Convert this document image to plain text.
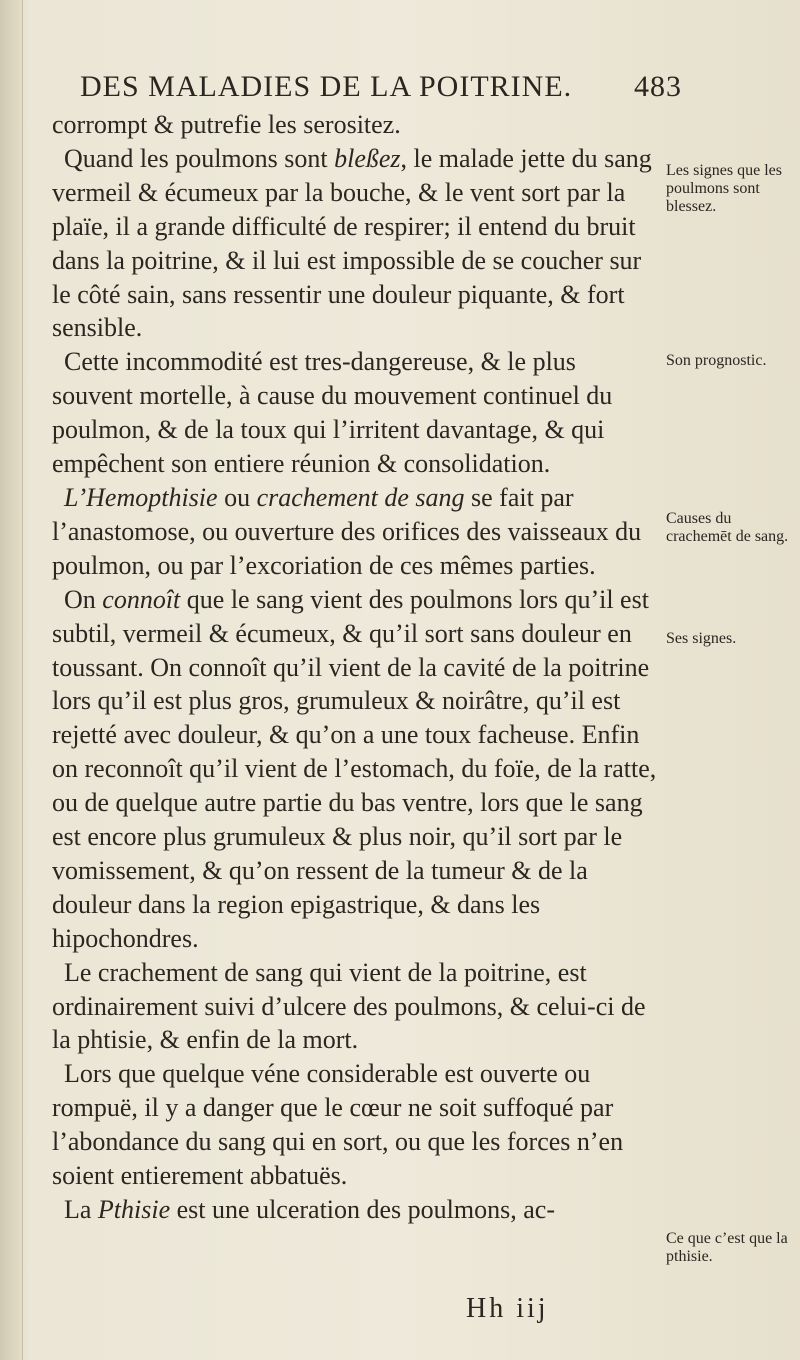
DES MALADIES DE LA POITRINE. 483

corrompt & putrefie les serositez.

Quand les poulmons sont bleßez, le malade jette du sang vermeil & écumeux par la bouche, & le vent sort par la plaïe, il a grande difficulté de respirer; il entend du bruit dans la poitrine, & il lui est impossible de se coucher sur le côté sain, sans ressentir une douleur piquante, & fort sensible.

Cette incommodité est tres-dangereuse, & le plus souvent mortelle, à cause du mouvement continuel du poulmon, & de la toux qui l’irritent davantage, & qui empêchent son entiere réunion & consolidation.

L’Hemopthisie ou crachement de sang se fait par l’anastomose, ou ouverture des orifices des vaisseaux du poulmon, ou par l’excoriation de ces mêmes parties.

On connoît que le sang vient des poulmons lors qu’il est subtil, vermeil & écumeux, & qu’il sort sans douleur en toussant. On connoît qu’il vient de la cavité de la poitrine lors qu’il est plus gros, grumuleux & noirâtre, qu’il est rejetté avec douleur, & qu’on a une toux facheuse. Enfin on reconnoît qu’il vient de l’estomach, du foïe, de la ratte, ou de quelque autre partie du bas ventre, lors que le sang est encore plus grumuleux & plus noir, qu’il sort par le vomissement, & qu’on ressent de la tumeur & de la douleur dans la region epigastrique, & dans les hipochondres.

Le crachement de sang qui vient de la poitrine, est ordinairement suivi d’ulcere des poulmons, & celui-ci de la phtisie, & enfin de la mort.

Lors que quelque véne considerable est ouverte ou rompuë, il y a danger que le cœur ne soit suffoqué par l’abondance du sang qui en sort, ou que les forces n’en soient entierement abbatuës.

La Pthisie est une ulceration des poulmons, ac-

Les signes que les poulmons sont blessez.
Son prognostic.
Causes du crachemēt de sang.
Ses signes.
Ce que c’est que la pthisie.
Hh iij
